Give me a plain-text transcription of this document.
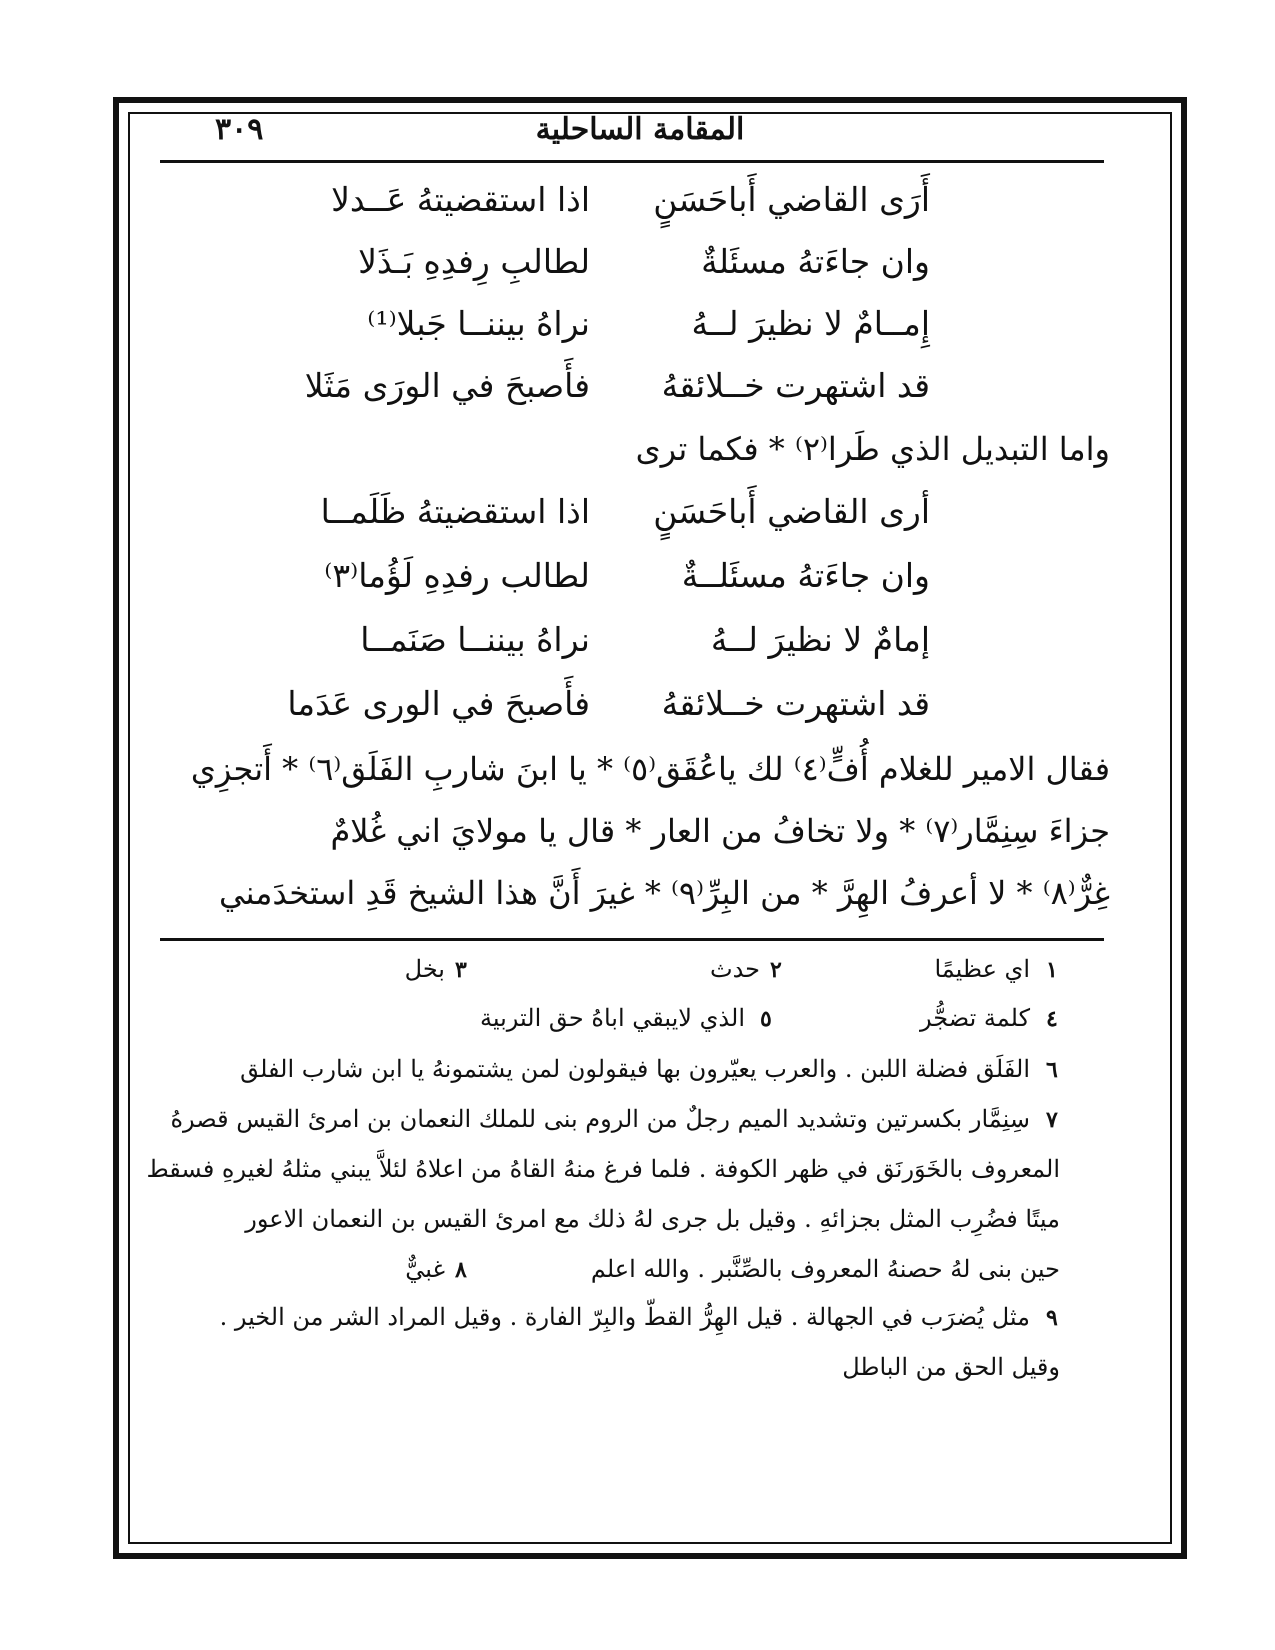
٣٠٩	المقامة الساحلية
أَرَى القاضي أَباحَسَنٍ
اذا استقضيتهُ عَــدلا
وان جاءَتهُ مسئَلةٌ
لطالبِ رِفدِهِ بَـذَلا
إِمــامٌ لا نظيرَ لــهُ
نراهُ بيننــا جَبلا⁽¹⁾
قد اشتهرت خــلائقهُ
فأَصبحَ في الورَى مَثَلا
واما التبديل الذي طَرا⁽٢⁾ * فكما ترى
أرى القاضي أَباحَسَنٍ
اذا استقضيتهُ ظَلَمــا
وان جاءَتهُ مسئَلــةٌ
لطالب رفدِهِ لَؤُما⁽٣⁾
إمامٌ لا نظيرَ لــهُ
نراهُ بيننــا صَنَمــا
قد اشتهرت خــلائقهُ
فأَصبحَ في الورى عَدَما
فقال الامير للغلام أُفٍّ⁽٤⁾ لك ياعُقَق⁽٥⁾ * يا ابنَ شاربِ الفَلَق⁽٦⁾ * أَتجزِي
جزاءَ سِنِمَّار⁽٧⁾ * ولا تخافُ من العار * قال يا مولايَ اني غُلامٌ
غِرٌّ⁽٨⁾ * لا أعرفُ الهِرَّ * من البِرِّ⁽٩⁾ * غيرَ أَنَّ هذا الشيخ قَدِ استخدَمني
١
اي عظيمًا
٢
حدث
٣
بخل
٤
كلمة تضجُّر
٥
الذي لايبقي اباهُ حق التربية
٦
الفَلَق فضلة اللبن . والعرب يعيّرون بها فيقولون لمن يشتمونهُ يا ابن شارب الفلق
٧
سِنِمَّار بكسرتين وتشديد الميم رجلٌ من الروم بنى للملك النعمان بن امرئ القيس قصرهُ
المعروف بالخَوَرنَق في ظهر الكوفة . فلما فرغ منهُ القاهُ من اعلاهُ لئلاَّ يبني مثلهُ لغيرهِ فسقط
ميتًا فضُرِب المثل بجزائهِ . وقيل بل جرى لهُ ذلك مع امرئ القيس بن النعمان الاعور
حين بنى لهُ حصنهُ المعروف بالصِّنَّبر . والله اعلم
٨
غبيٌّ
٩
مثل يُضرَب في الجهالة . قيل الهِرُّ القطّ والبِرّ الفارة . وقيل المراد الشر من الخير .
وقيل الحق من الباطل
